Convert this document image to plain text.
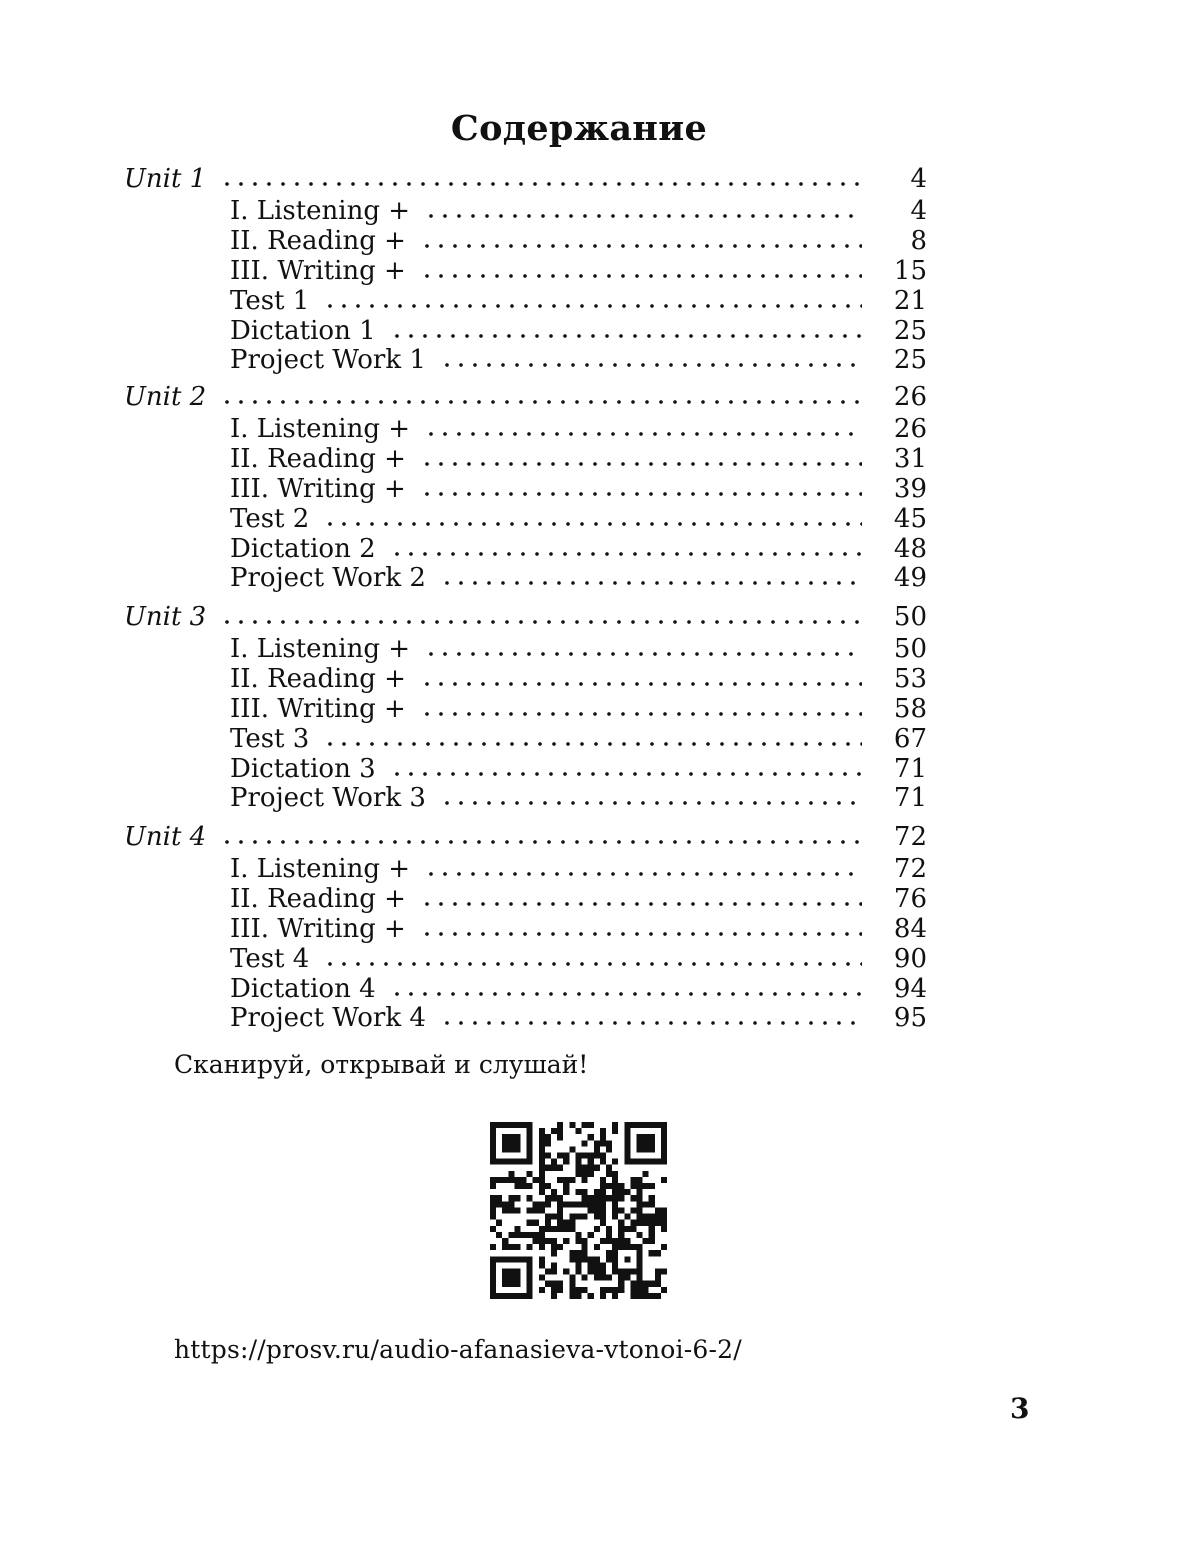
Содержание
Unit 1	4
I. Listening +	4
II. Reading +	8
III. Writing +	15
Test 1	21
Dictation 1	25
Project Work 1	25
Unit 2	26
I. Listening +	26
II. Reading +	31
III. Writing +	39
Test 2	45
Dictation 2	48
Project Work 2	49
Unit 3	50
I. Listening +	50
II. Reading +	53
III. Writing +	58
Test 3	67
Dictation 3	71
Project Work 3	71
Unit 4	72
I. Listening +	72
II. Reading +	76
III. Writing +	84
Test 4	90
Dictation 4	94
Project Work 4	95
Сканируй, открывай и слушай!
https://prosv.ru/audio-afanasieva-vtonoi-6-2/
3
